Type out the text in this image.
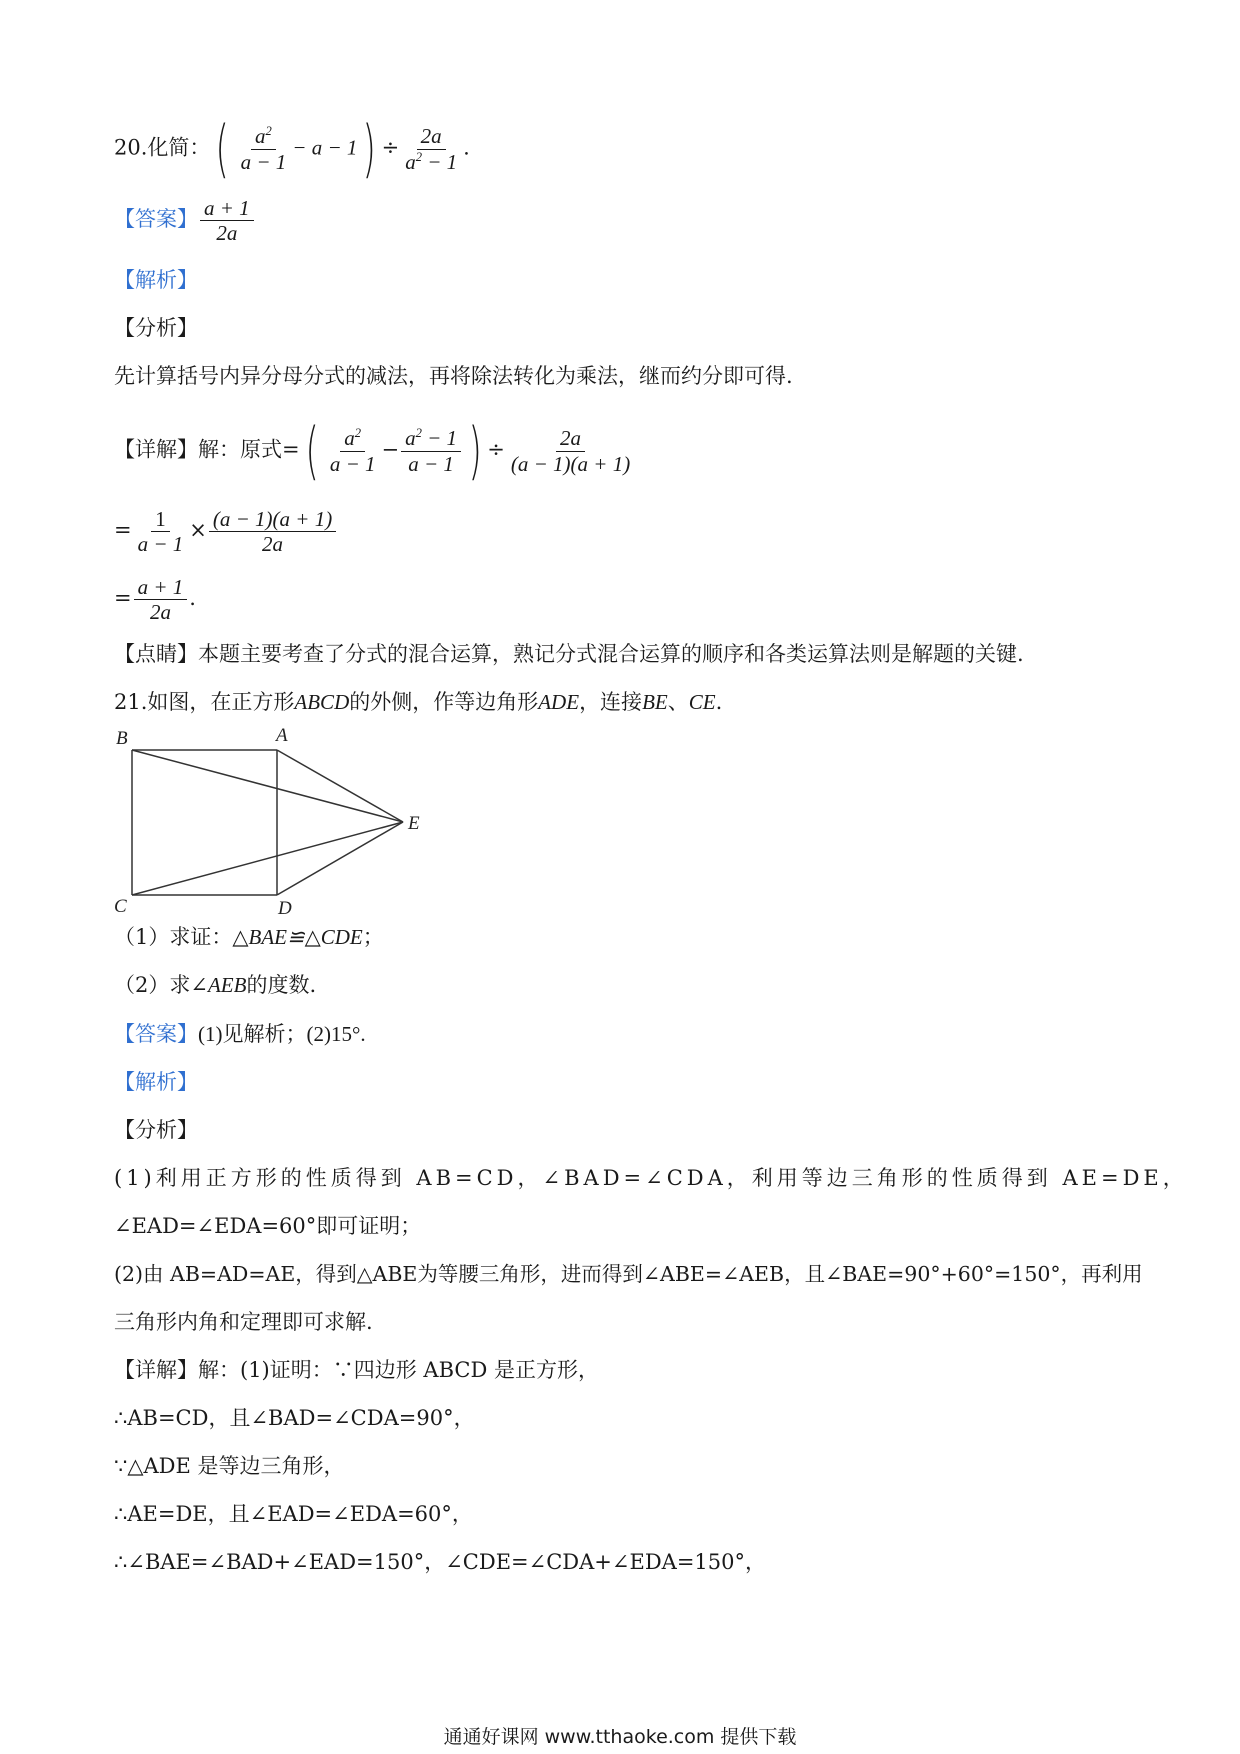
20.化简：( $\frac{a^2}{a - 1} - a - 1) \div \frac{2a}{a^2 - 1}$ .
【答案】 $\frac{a + 1}{2a}$
【解析】
【分析】
先计算括号内异分母分式的减法，再将除法转化为乘法，继而约分即可得.
【详解】解：原式=( $\frac{a^2}{a - 1} - \frac{a^2 - 1}{a - 1}$ ) ÷ $\frac{2a}{(a - 1)(a + 1)}$
= $\frac{1}{a - 1} \times \frac{(a - 1)(a + 1)}{2a}$
= $\frac{a + 1}{2a}$ .
【点睛】本题主要考查了分式的混合运算，熟记分式混合运算的顺序和各类运算法则是解题的关键.
21.如图，在正方形ABCD的外侧，作等边角形ADE，连接BE、CE.
B	A
E
C	D
（1）求证：△BAE≌△CDE；
（2）求∠AEB的度数.
【答案】(1)见解析；(2)15°.
【解析】
【分析】
(1)利用正方形的性质得到 AB=CD，∠BAD=∠CDA，利用等边三角形的性质得到 AE=DE，
∠EAD=∠EDA=60°即可证明；
(2)由 AB=AD=AE，得到△ABE为等腰三角形，进而得到∠ABE=∠AEB，且∠BAE=90°+60°=150°，再利用
三角形内角和定理即可求解.
【详解】解：(1)证明：∵四边形 ABCD 是正方形，
∴AB=CD，且∠BAD=∠CDA=90°，
∵△ADE 是等边三角形，
∴AE=DE，且∠EAD=∠EDA=60°，
∴∠BAE=∠BAD+∠EAD=150°，∠CDE=∠CDA+∠EDA=150°，
通通好课网 www.tthaoke.com 提供下载
